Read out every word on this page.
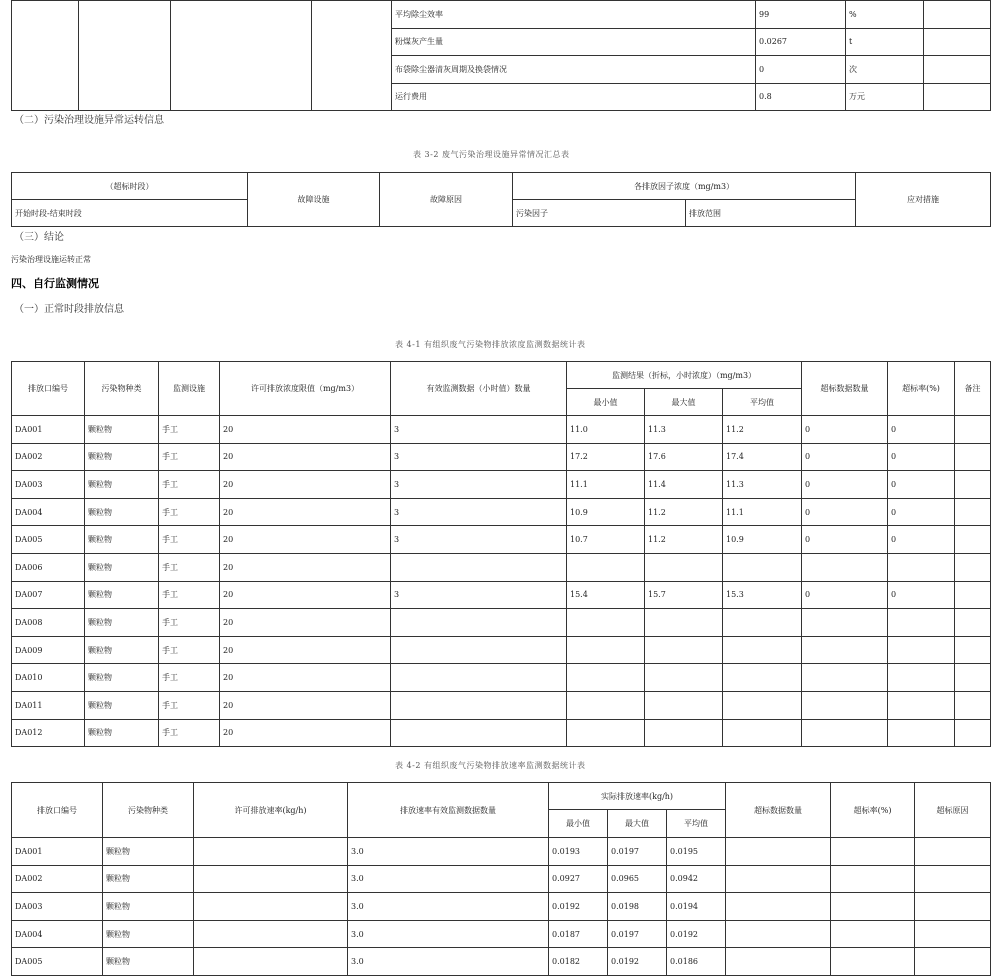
				平均除尘效率	99	%	
				粉煤灰产生量	0.0267	t	
				布袋除尘器清灰周期及换袋情况	0	次	
				运行费用	0.8	万元	
（二）污染治理设施异常运转信息
表 3-2 废气污染治理设施异常情况汇总表
（超标时段）	故障设施	故障原因	各排放因子浓度（mg/m3）		应对措施
开始时段-结束时段			污染因子	排放范围	
（三）结论
污染治理设施运转正常
四、自行监测情况
（一）正常时段排放信息
表 4-1 有组织废气污染物排放浓度监测数据统计表
排放口编号	污染物种类	监测设施	许可排放浓度限值（mg/m3）	有效监测数据（小时值）数量	监测结果（折标，小时浓度）（mg/m3）			超标数据数量	超标率(%)	备注
					最小值	最大值	平均值			
DA001	颗粒物	手工	20	3	11.0	11.3	11.2	0	0	
DA002	颗粒物	手工	20	3	17.2	17.6	17.4	0	0	
DA003	颗粒物	手工	20	3	11.1	11.4	11.3	0	0	
DA004	颗粒物	手工	20	3	10.9	11.2	11.1	0	0	
DA005	颗粒物	手工	20	3	10.7	11.2	10.9	0	0	
DA006	颗粒物	手工	20							
DA007	颗粒物	手工	20	3	15.4	15.7	15.3	0	0	
DA008	颗粒物	手工	20							
DA009	颗粒物	手工	20							
DA010	颗粒物	手工	20							
DA011	颗粒物	手工	20							
DA012	颗粒物	手工	20							
表 4-2 有组织废气污染物排放速率监测数据统计表
排放口编号	污染物种类	许可排放速率(kg/h)	排放速率有效监测数据数量	实际排放速率(kg/h)			超标数据数量	超标率(%)	超标原因
				最小值	最大值	平均值			
DA001	颗粒物		3.0	0.0193	0.0197	0.0195			
DA002	颗粒物		3.0	0.0927	0.0965	0.0942			
DA003	颗粒物		3.0	0.0192	0.0198	0.0194			
DA004	颗粒物		3.0	0.0187	0.0197	0.0192			
DA005	颗粒物		3.0	0.0182	0.0192	0.0186			
